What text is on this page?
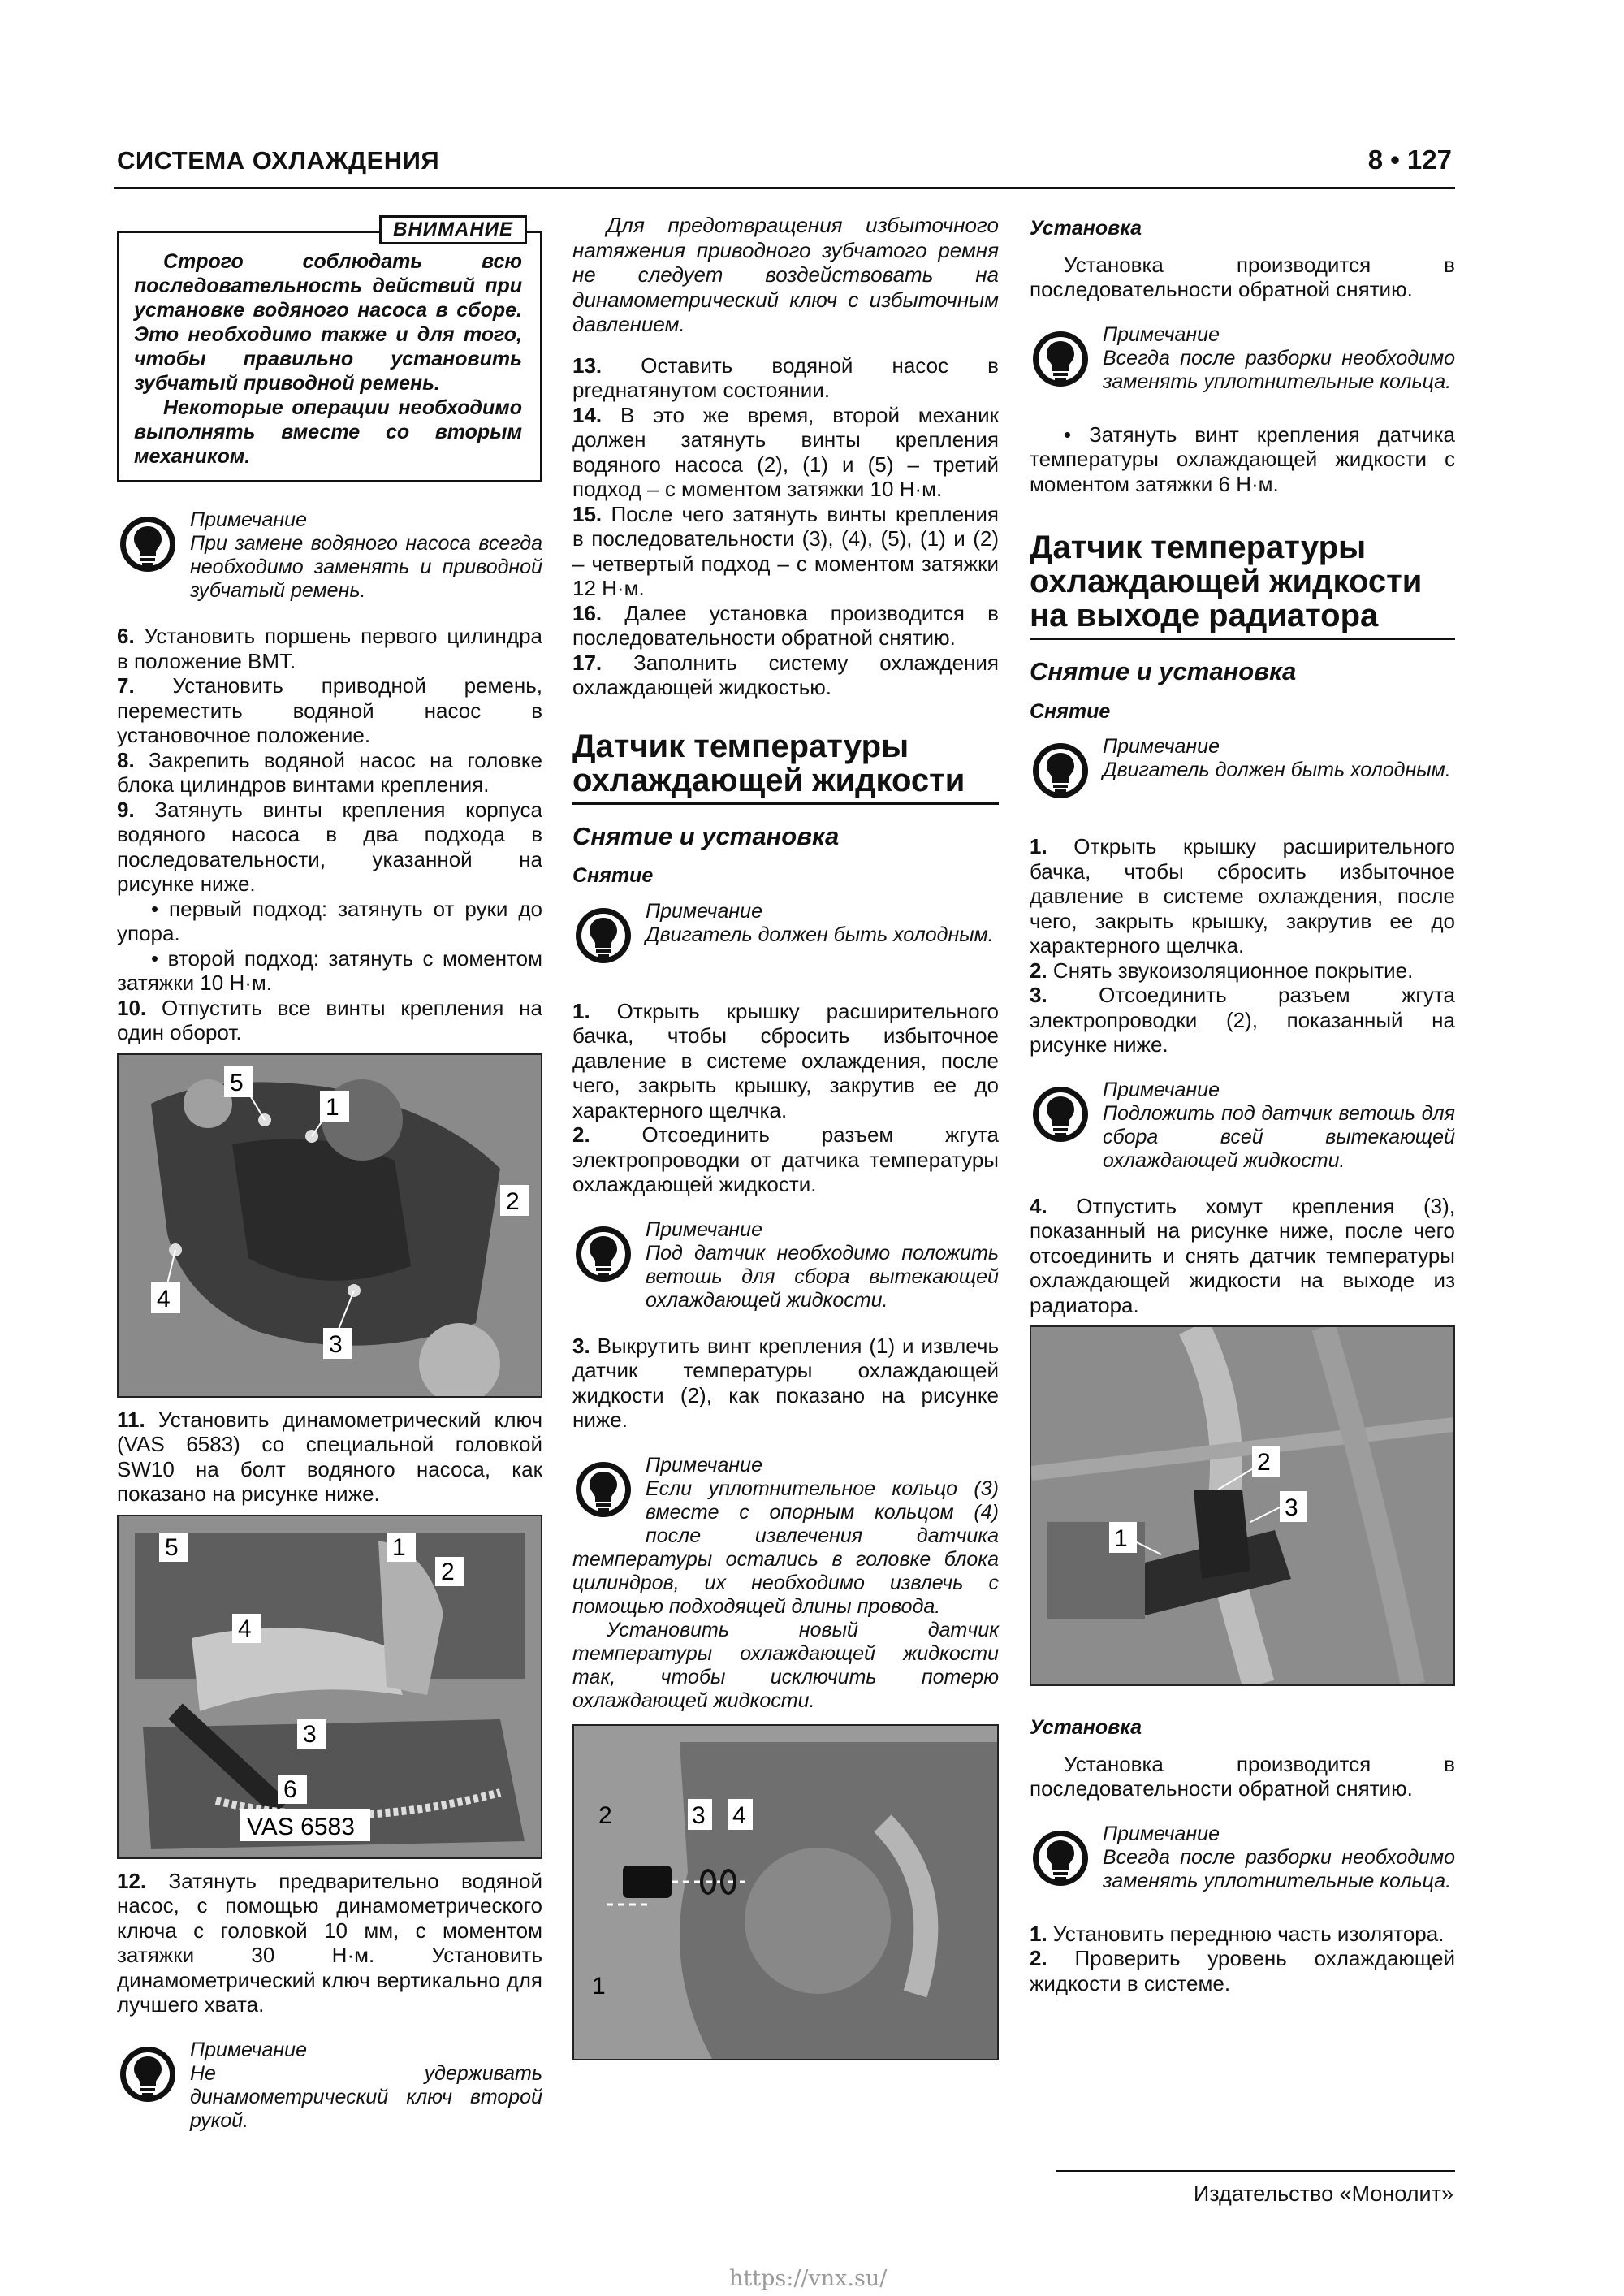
СИСТЕМА ОХЛАЖДЕНИЯ	8 • 127
ВНИМАНИЕ

Строго соблюдать всю последовательность действий при установке водяного насоса в сборе. Это необходимо также и для того, чтобы правильно установить зубчатый приводной ремень.

Некоторые операции необходимо выполнять вместе со вторым механиком.

Примечание

При замене водяного насоса всегда необходимо заменять и приводной зубчатый ремень.

6. Установить поршень первого цилиндра в положение ВМТ.

7. Установить приводной ремень, переместить водяной насос в установочное положение.

8. Закрепить водяной насос на головке блока цилиндров винтами крепления.

9. Затянуть винты крепления корпуса водяного насоса в два подхода в последовательности, указанной на рисунке ниже.

• первый подход: затянуть от руки до упора.

• второй подход: затянуть с моментом затяжки 10 Н·м.

10. Отпустить все винты крепления на один оборот.

5
1
2
4
3

11. Установить динамометрический ключ (VAS 6583) со специальной головкой SW10 на болт водяного насоса, как показано на рисунке ниже.

VAS 6583
5	1
2
4
3
6

12. Затянуть предварительно водяной насос, с помощью динамометрического ключа с головкой 10 мм, с моментом затяжки 30 Н·м. Установить динамометрический ключ вертикально для лучшего хвата.

Примечание

Не удерживать динамометрический ключ второй рукой.

Для предотвращения избыточного натяжения приводного зубчатого ремня не следует воздействовать на динамометрический ключ с избыточным давлением.

13. Оставить водяной насос в preднатянутом состоянии.

14. В это же время, второй механик должен затянуть винты крепления водяного насоса (2), (1) и (5) – третий подход – с моментом затяжки 10 Н·м.

15. После чего затянуть винты крепления в последовательности (3), (4), (5), (1) и (2) – четвертый подход – с моментом затяжки 12 Н·м.

16. Далее установка производится в последовательности обратной снятию.

17. Заполнить систему охлаждения охлаждающей жидкостью.

Датчик температуры охлаждающей жидкости
Снятие и установка
Снятие
Примечание

Двигатель должен быть холодным.

1. Открыть крышку расширительного бачка, чтобы сбросить избыточное давление в системе охлаждения, после чего, закрыть крышку, закрутив ее до характерного щелчка.

2. Отсоединить разъем жгута электропроводки от датчика температуры охлаждающей жидкости.

Примечание

Под датчик необходимо положить ветошь для сбора вытекающей охлаждающей жидкости.

3. Выкрутить винт крепления (1) и извлечь датчик температуры охлаждающей жидкости (2), как показано на рисунке ниже.

Примечание

Если уплотнительное кольцо (3) вместе с опорным кольцом (4) после извлечения датчика температуры остались в головке блока цилиндров, их необходимо извлечь с помощью подходящей длины провода.

Установить новый датчик температуры охлаждающей жидкости так, чтобы исключить потерю охлаждающей жидкости.

2	3 4
1
Установка

Установка производится в последовательности обратной снятию.

Примечание

Всегда после разборки необходимо заменять уплотнительные кольца.

• Затянуть винт крепления датчика температуры охлаждающей жидкости с моментом затяжки 6 Н·м.

Датчик температуры охлаждающей жидкости на выходе радиатора
Снятие и установка
Снятие
Примечание

Двигатель должен быть холодным.

1. Открыть крышку расширительного бачка, чтобы сбросить избыточное давление в системе охлаждения, после чего, закрыть крышку, закрутив ее до характерного щелчка.

2. Снять звукоизоляционное покрытие.

3. Отсоединить разъем жгута электропроводки (2), показанный на рисунке ниже.

Примечание

Подложить под датчик ветошь для сбора всей вытекающей охлаждающей жидкости.

4. Отпустить хомут крепления (3), показанный на рисунке ниже, после чего отсоединить и снять датчик температуры охлаждающей жидкости на выходе из радиатора.

2
1
3
Установка

Установка производится в последовательности обратной снятию.

Примечание

Всегда после разборки необходимо заменять уплотнительные кольца.

1. Установить переднюю часть изолятора.

2. Проверить уровень охлаждающей жидкости в системе.

Издательство «Монолит»
https://vnx.su/
